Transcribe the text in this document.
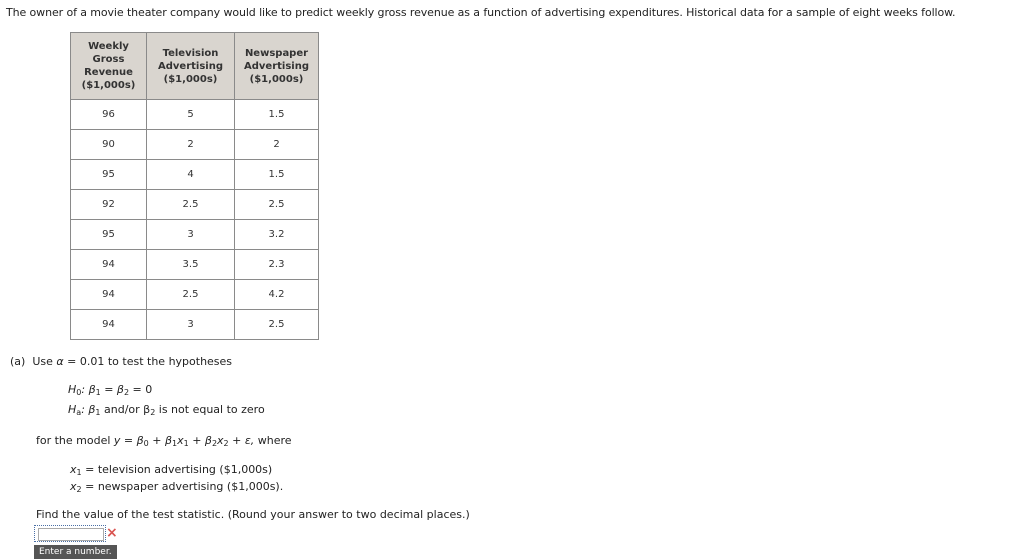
The owner of a movie theater company would like to predict weekly gross revenue as a function of advertising expenditures. Historical data for a sample of eight weeks follow.
Weekly
Gross
Revenue
($1,000s)	Television
Advertising
($1,000s)	Newspaper
Advertising
($1,000s)

96	5	1.5
90	2	2
95	4	1.5
92	2.5	2.5
95	3	3.2
94	3.5	2.3
94	2.5	4.2
94	3	2.5
(a) Use α = 0.01 to test the hypotheses
$H_0$: $\beta_1 = \beta_2 = 0$
$H_a$: $\beta_1$ and/or $\beta_2$ is not equal to zero
for the model $y = \beta_0 + \beta_1x_1 + \beta_2x_2 + \varepsilon$, where
$x_1$ = television advertising ($1,000s)
$x_2$ = newspaper advertising ($1,000s).
Find the value of the test statistic. (Round your answer to two decimal places.)
×
Enter a number.
